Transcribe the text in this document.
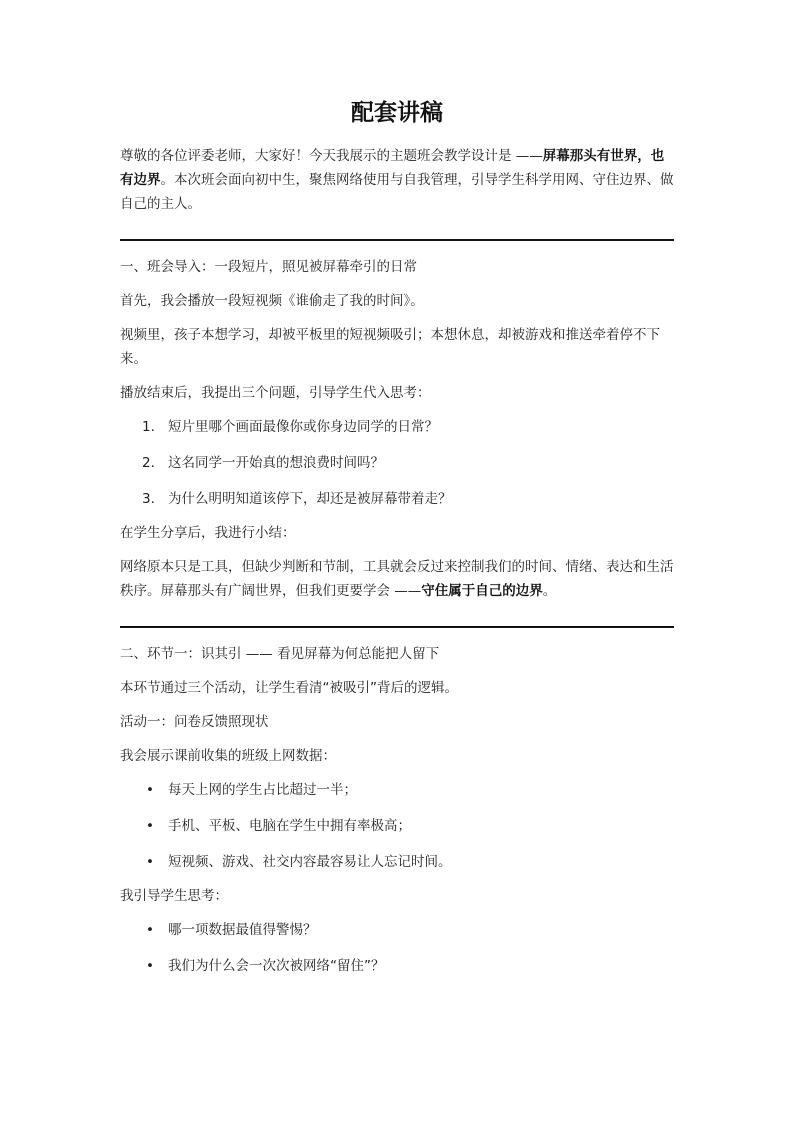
配套讲稿

尊敬的各位评委老师，大家好！今天我展示的主题班会教学设计是 ——屏幕那头有世界，也有边界。本次班会面向初中生，聚焦网络使用与自我管理，引导学生科学用网、守住边界、做自己的主人。

一、班会导入：一段短片，照见被屏幕牵引的日常

首先，我会播放一段短视频《谁偷走了我的时间》。

视频里，孩子本想学习，却被平板里的短视频吸引；本想休息，却被游戏和推送牵着停不下来。

播放结束后，我提出三个问题，引导学生代入思考：

1. 短片里哪个画面最像你或你身边同学的日常？
2. 这名同学一开始真的想浪费时间吗？
3. 为什么明明知道该停下，却还是被屏幕带着走？

在学生分享后，我进行小结：

网络原本只是工具，但缺少判断和节制，工具就会反过来控制我们的时间、情绪、表达和生活秩序。屏幕那头有广阔世界，但我们更要学会 ——守住属于自己的边界。

二、环节一：识其引 —— 看见屏幕为何总能把人留下

本环节通过三个活动，让学生看清“被吸引”背后的逻辑。

活动一：问卷反馈照现状

我会展示课前收集的班级上网数据：

• 每天上网的学生占比超过一半；
• 手机、平板、电脑在学生中拥有率极高；
• 短视频、游戏、社交内容最容易让人忘记时间。

我引导学生思考：

• 哪一项数据最值得警惕？
• 我们为什么会一次次被网络“留住”？
